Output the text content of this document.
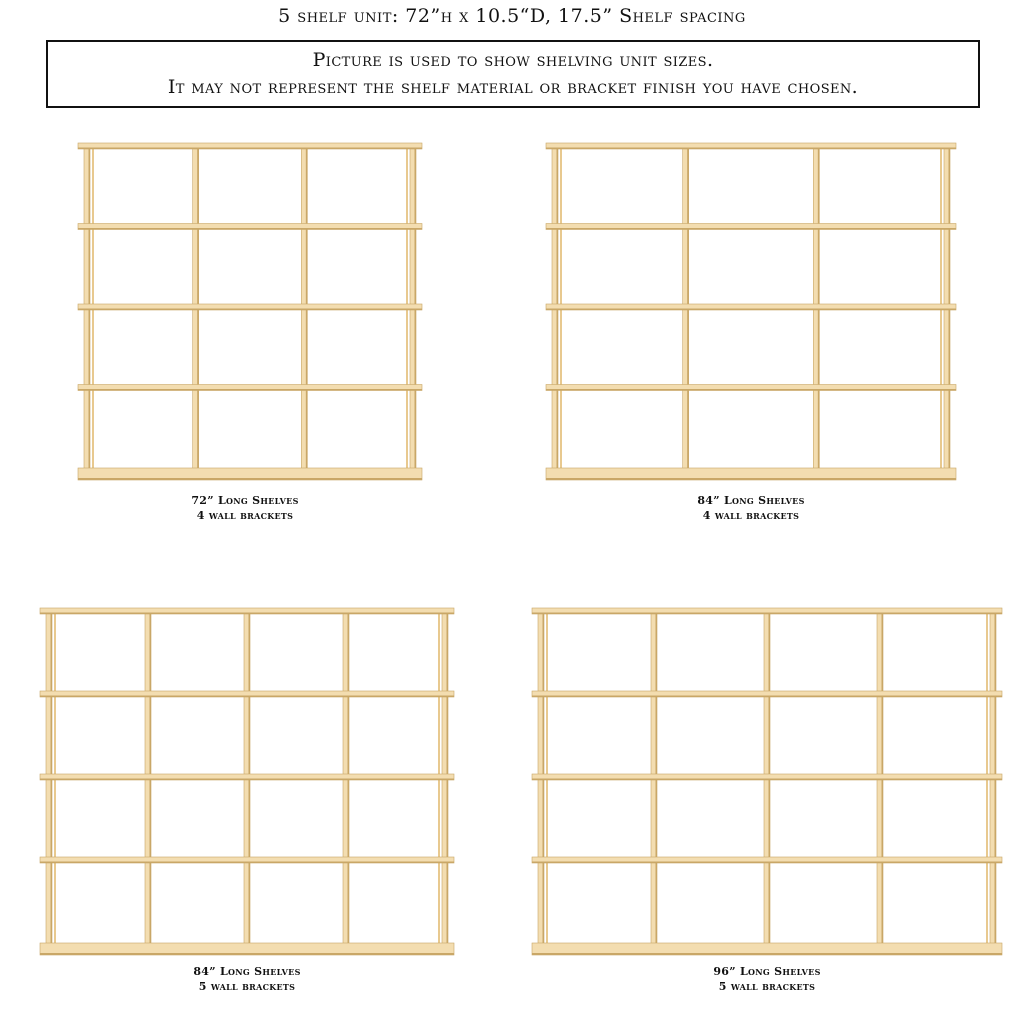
5 shelf unit: 72”h x 10.5“D, 17.5” Shelf spacing
Picture is used to show shelving unit sizes.
It may not represent the shelf material or bracket finish you have chosen.
72” Long Shelves
4 wall brackets
84” Long Shelves
4 wall brackets
84” Long Shelves
5 wall brackets
96” Long Shelves
5 wall brackets
